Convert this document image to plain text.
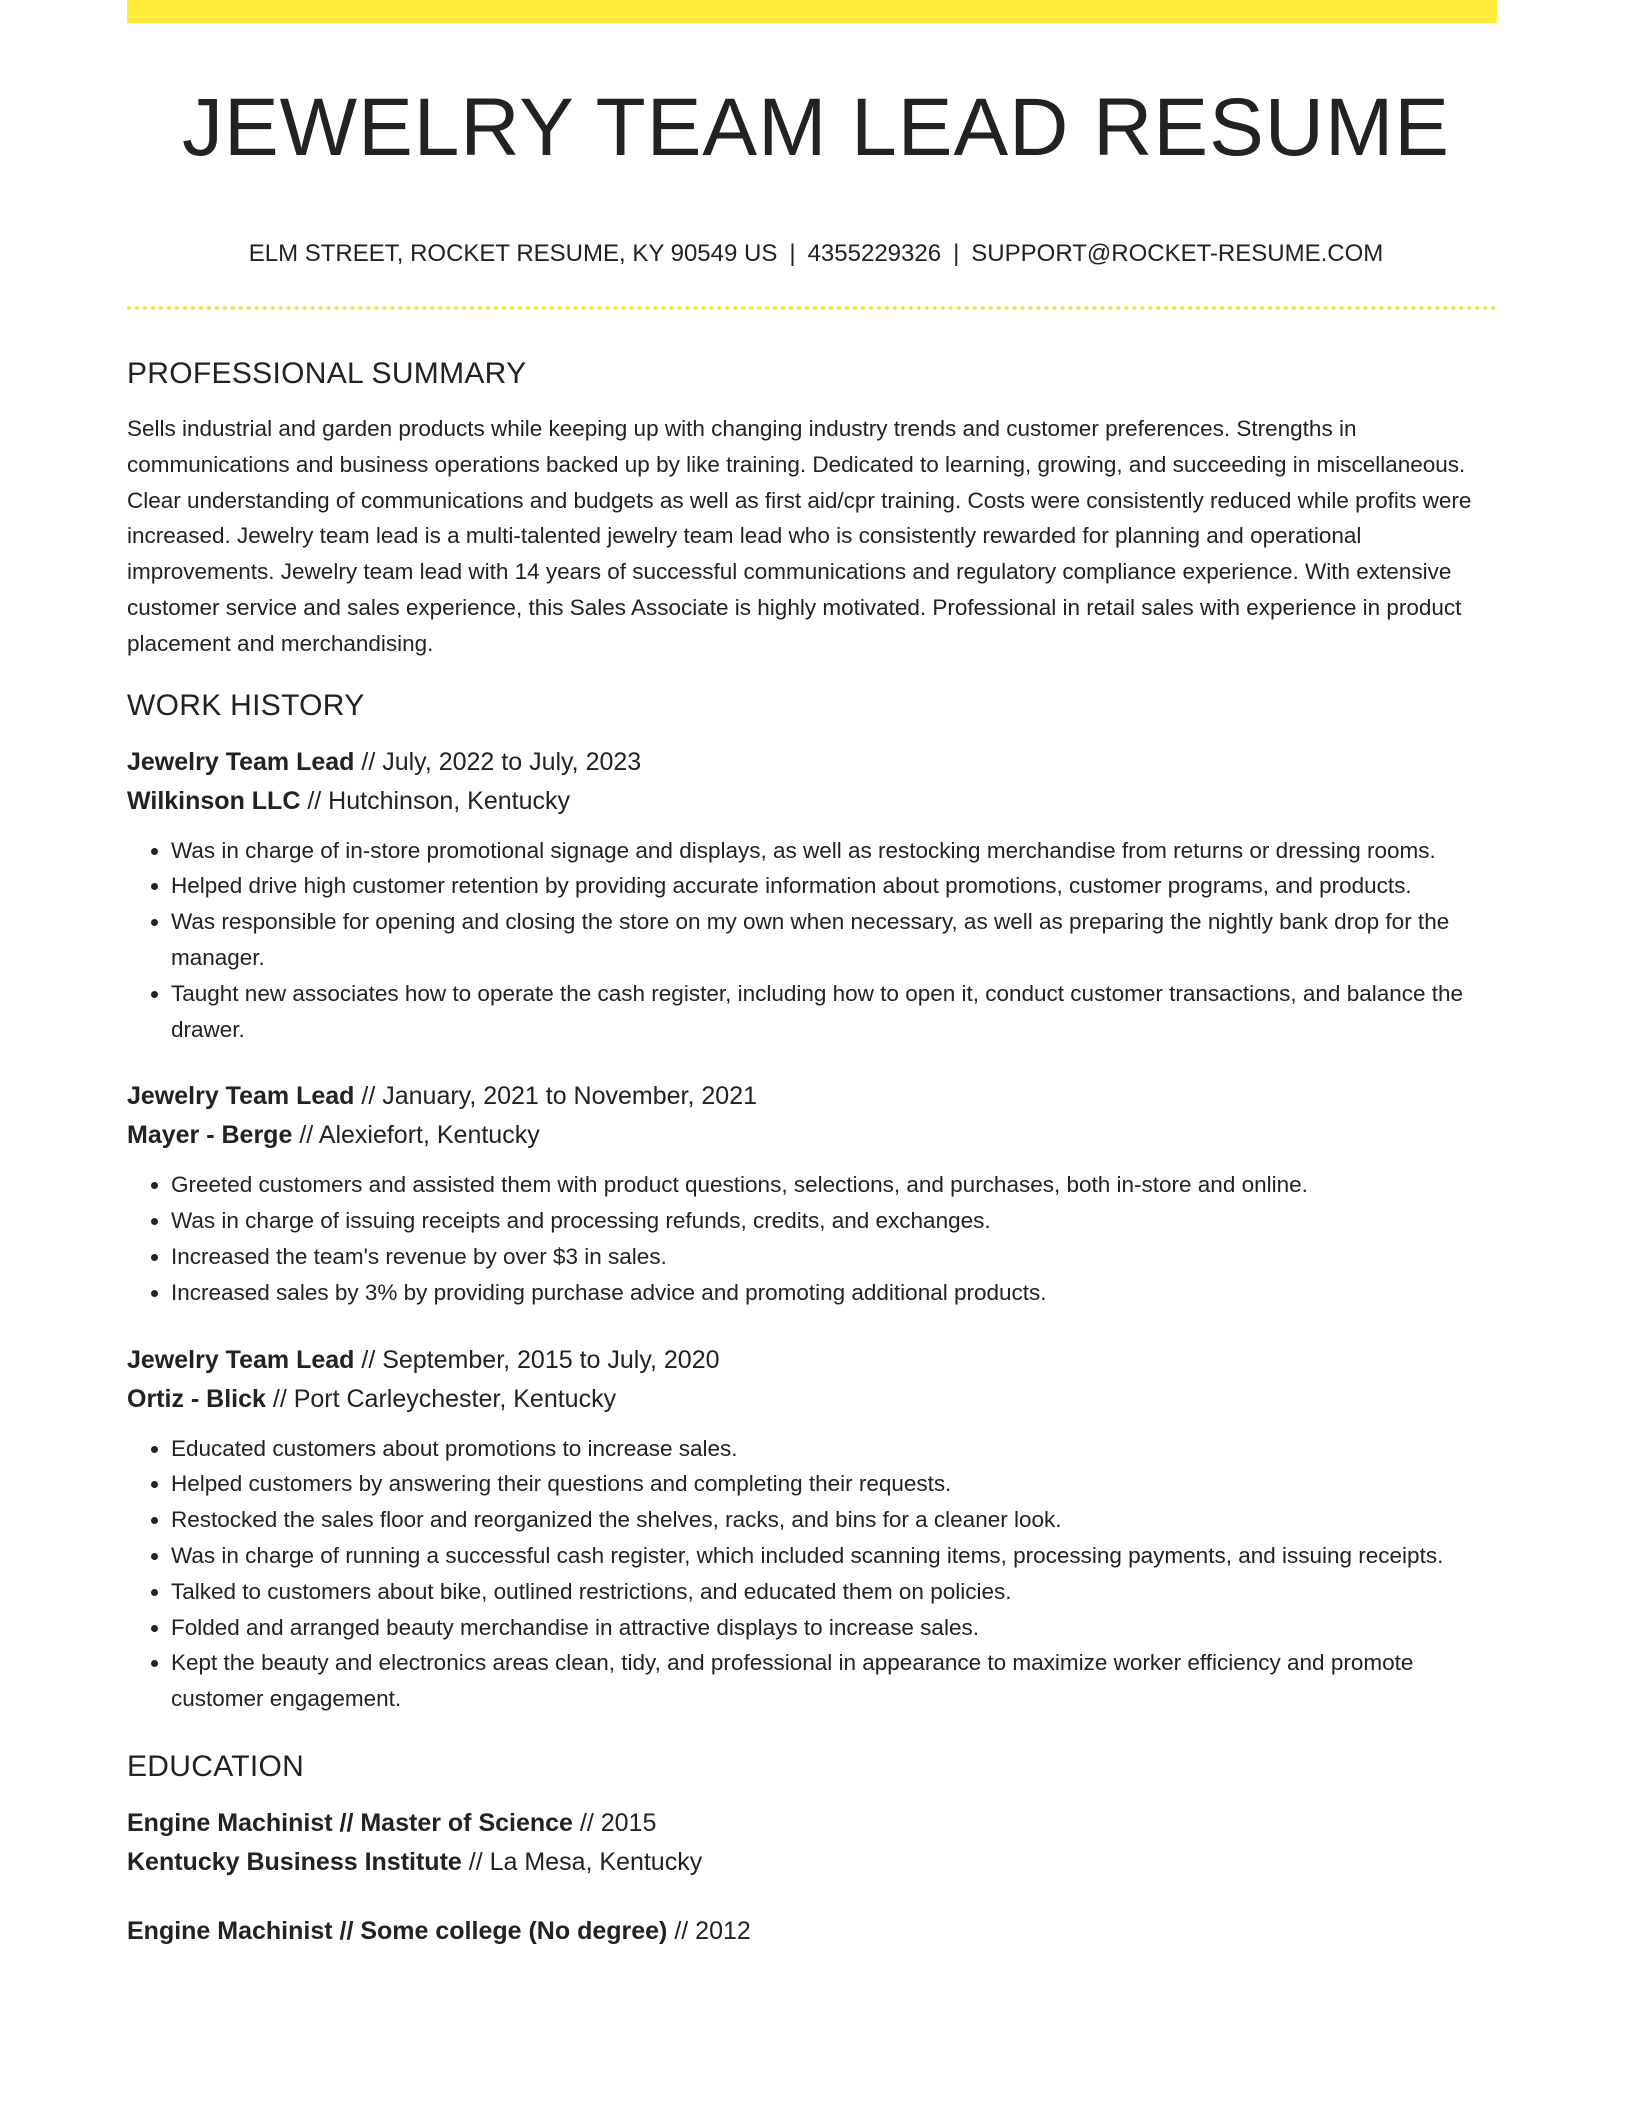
JEWELRY TEAM LEAD RESUME
ELM STREET, ROCKET RESUME, KY 90549 US | 4355229326 | SUPPORT@ROCKET-RESUME.COM
PROFESSIONAL SUMMARY

Sells industrial and garden products while keeping up with changing industry trends and customer preferences. Strengths in communications and business operations backed up by like training. Dedicated to learning, growing, and succeeding in miscellaneous. Clear understanding of communications and budgets as well as first aid/cpr training. Costs were consistently reduced while profits were increased. Jewelry team lead is a multi-talented jewelry team lead who is consistently rewarded for planning and operational improvements. Jewelry team lead with 14 years of successful communications and regulatory compliance experience. With extensive customer service and sales experience, this Sales Associate is highly motivated. Professional in retail sales with experience in product placement and merchandising.

WORK HISTORY
Jewelry Team Lead // July, 2022 to July, 2023
Wilkinson LLC // Hutchinson, Kentucky
• Was in charge of in-store promotional signage and displays, as well as restocking merchandise from returns or dressing rooms.
• Helped drive high customer retention by providing accurate information about promotions, customer programs, and products.
• Was responsible for opening and closing the store on my own when necessary, as well as preparing the nightly bank drop for the manager.
• Taught new associates how to operate the cash register, including how to open it, conduct customer transactions, and balance the drawer.
Jewelry Team Lead // January, 2021 to November, 2021
Mayer - Berge // Alexiefort, Kentucky
• Greeted customers and assisted them with product questions, selections, and purchases, both in-store and online.
• Was in charge of issuing receipts and processing refunds, credits, and exchanges.
• Increased the team's revenue by over $3 in sales.
• Increased sales by 3% by providing purchase advice and promoting additional products.
Jewelry Team Lead // September, 2015 to July, 2020
Ortiz - Blick // Port Carleychester, Kentucky
• Educated customers about promotions to increase sales.
• Helped customers by answering their questions and completing their requests.
• Restocked the sales floor and reorganized the shelves, racks, and bins for a cleaner look.
• Was in charge of running a successful cash register, which included scanning items, processing payments, and issuing receipts.
• Talked to customers about bike, outlined restrictions, and educated them on policies.
• Folded and arranged beauty merchandise in attractive displays to increase sales.
• Kept the beauty and electronics areas clean, tidy, and professional in appearance to maximize worker efficiency and promote customer engagement.
EDUCATION
Engine Machinist // Master of Science // 2015
Kentucky Business Institute // La Mesa, Kentucky
Engine Machinist // Some college (No degree) // 2012
